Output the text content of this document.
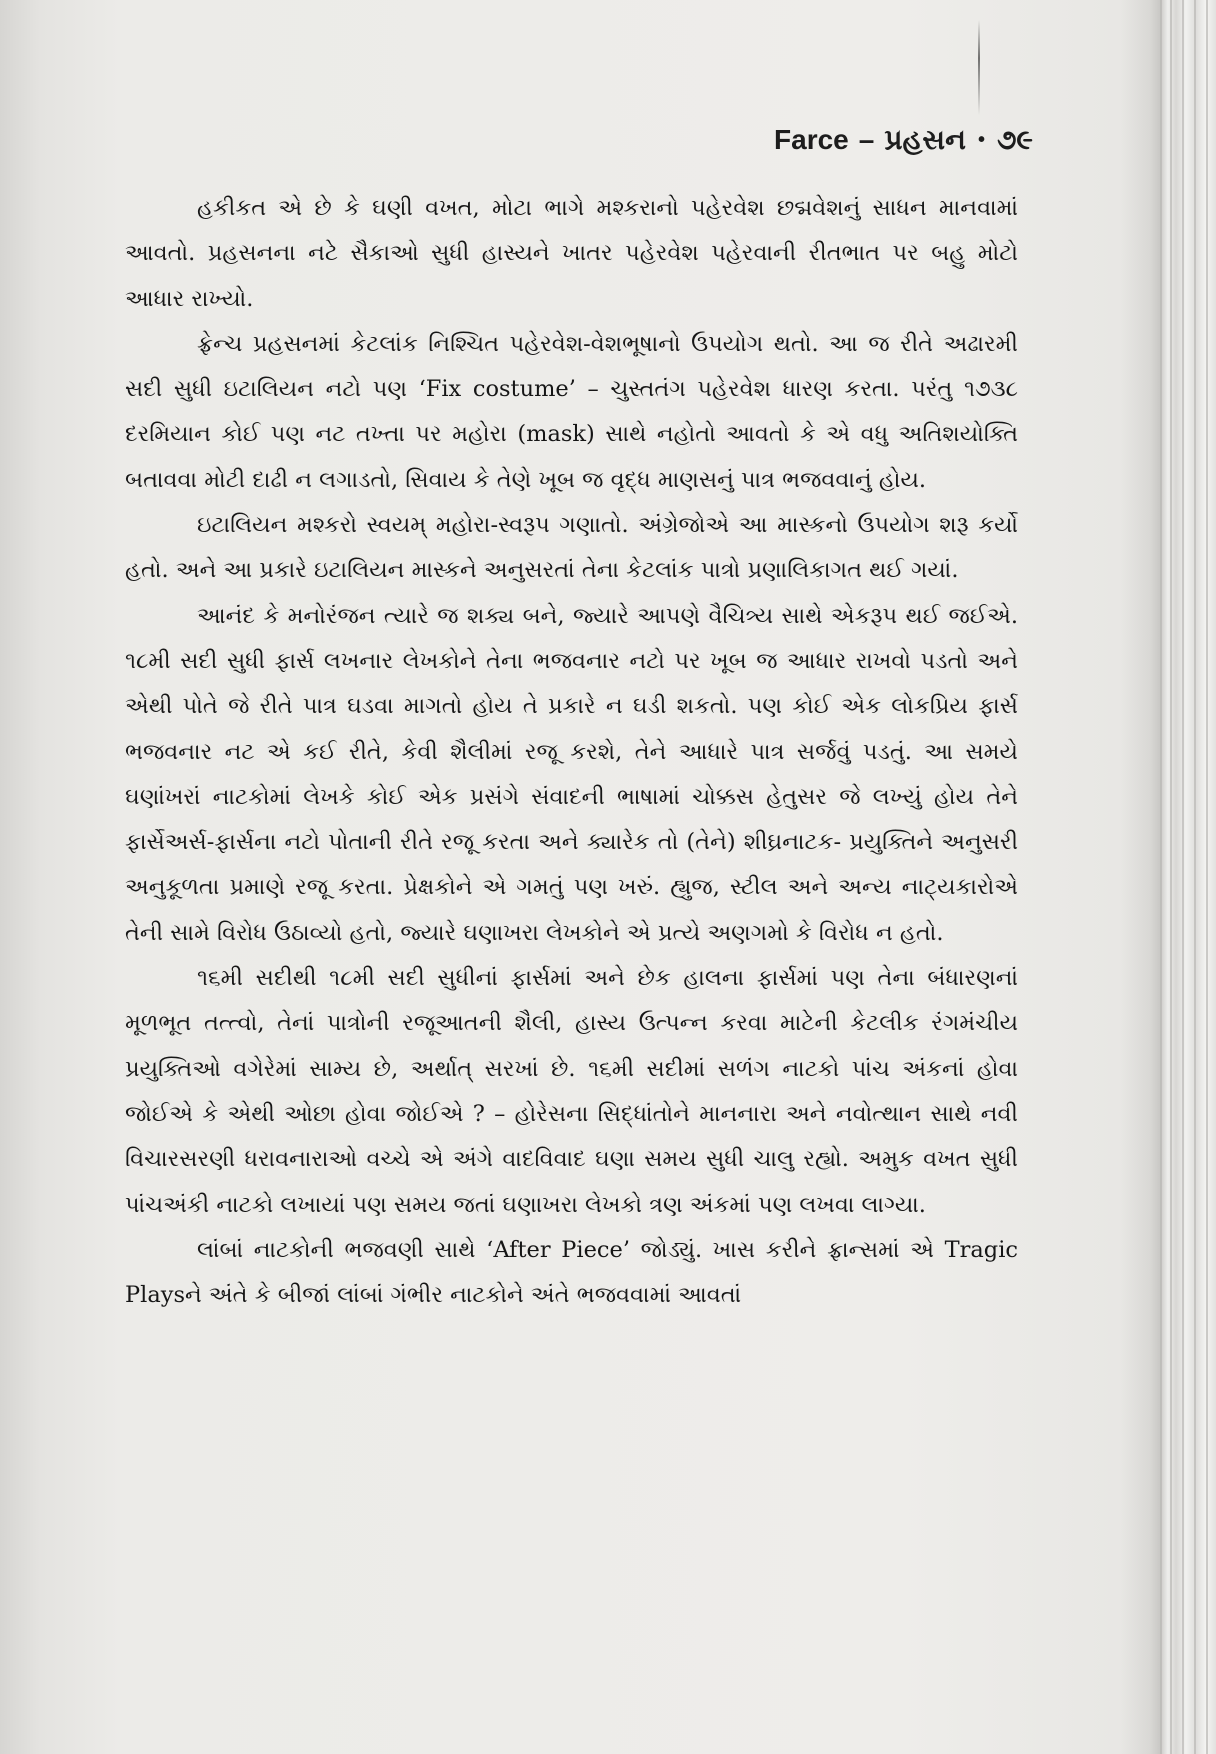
Farce – પ્રહસન • ૭૯

હકીકત એ છે કે ઘણી વખત, મોટા ભાગે મશ્કરાનો પહેરવેશ છદ્મવેશનું સાધન માનવામાં આવતો. પ્રહસનના નટે સૈકાઓ સુધી હાસ્યને ખાતર પહેરવેશ પહેરવાની રીતભાત પર બહુ મોટો આધાર રાખ્યો.

ફ્રેન્ચ પ્રહસનમાં કેટલાંક નિશ્ચિત પહેરવેશ-વેશભૂષાનો ઉપયોગ થતો. આ જ રીતે અઢારમી સદી સુધી ઇટાલિયન નટો પણ ‘Fix costume’ – ચુસ્તતંગ પહેરવેશ ધારણ કરતા. પરંતુ ૧૭૩૮ દરમિયાન કોઈ પણ નટ તખ્તા પર મહોરા (mask) સાથે નહોતો આવતો કે એ વધુ અતિશયોક્તિ બતાવવા મોટી દાઢી ન લગાડતો, સિવાય કે તેણે ખૂબ જ વૃદ્ધ માણસનું પાત્ર ભજવવાનું હોય.

ઇટાલિયન મશ્કરો સ્વયમ્ મહોરા-સ્વરૂપ ગણાતો. અંગ્રેજોએ આ માસ્કનો ઉપયોગ શરૂ કર્યો હતો. અને આ પ્રકારે ઇટાલિયન માસ્કને અનુસરતાં તેના કેટલાંક પાત્રો પ્રણાલિકાગત થઈ ગયાં.

આનંદ કે મનોરંજન ત્યારે જ શક્ય બને, જ્યારે આપણે વૈચિત્ર્ય સાથે એકરૂપ થઈ જઈએ. ૧૮મી સદી સુધી ફાર્સ લખનાર લેખકોને તેના ભજવનાર નટો પર ખૂબ જ આધાર રાખવો પડતો અને એથી પોતે જે રીતે પાત્ર ઘડવા માગતો હોય તે પ્રકારે ન ઘડી શકતો. પણ કોઈ એક લોકપ્રિય ફાર્સ ભજવનાર નટ એ કઈ રીતે, કેવી શૈલીમાં રજૂ કરશે, તેને આધારે પાત્ર સર્જવું પડતું. આ સમયે ઘણાંખરાં નાટકોમાં લેખકે કોઈ એક પ્રસંગે સંવાદની ભાષામાં ચોક્કસ હેતુસર જે લખ્યું હોય તેને ફાર્સેઅર્સ-ફાર્સના નટો પોતાની રીતે રજૂ કરતા અને ક્યારેક તો (તેને) શીઘ્રનાટક- પ્રયુક્તિને અનુસરી અનુકૂળતા પ્રમાણે રજૂ કરતા. પ્રેક્ષકોને એ ગમતું પણ ખરું. હ્યુજ, સ્ટીલ અને અન્ય નાટ્યકારોએ તેની સામે વિરોધ ઉઠાવ્યો હતો, જ્યારે ઘણાખરા લેખકોને એ પ્રત્યે અણગમો કે વિરોધ ન હતો.

૧૬મી સદીથી ૧૮મી સદી સુધીનાં ફાર્સમાં અને છેક હાલના ફાર્સમાં પણ તેના બંધારણનાં મૂળભૂત તત્ત્વો, તેનાં પાત્રોની રજૂઆતની શૈલી, હાસ્ય ઉત્પન્ન કરવા માટેની કેટલીક રંગમંચીય પ્રયુક્તિઓ વગેરેમાં સામ્ય છે, અર્થાત્ સરખાં છે. ૧૬મી સદીમાં સળંગ નાટકો પાંચ અંકનાં હોવા જોઈએ કે એથી ઓછા હોવા જોઈએ ? – હોરેસના સિદ્ધાંતોને માનનારા અને નવોત્થાન સાથે નવી વિચારસરણી ધરાવનારાઓ વચ્ચે એ અંગે વાદવિવાદ ઘણા સમય સુધી ચાલુ રહ્યો. અમુક વખત સુધી પાંચઅંકી નાટકો લખાયાં પણ સમય જતાં ઘણાખરા લેખકો ત્રણ અંકમાં પણ લખવા લાગ્યા.

લાંબાં નાટકોની ભજવણી સાથે ‘After Piece’ જોડ્યું. ખાસ કરીને ફ્રાન્સમાં એ Tragic Playsને અંતે કે બીજાં લાંબાં ગંભીર નાટકોને અંતે ભજવવામાં આવતાં
